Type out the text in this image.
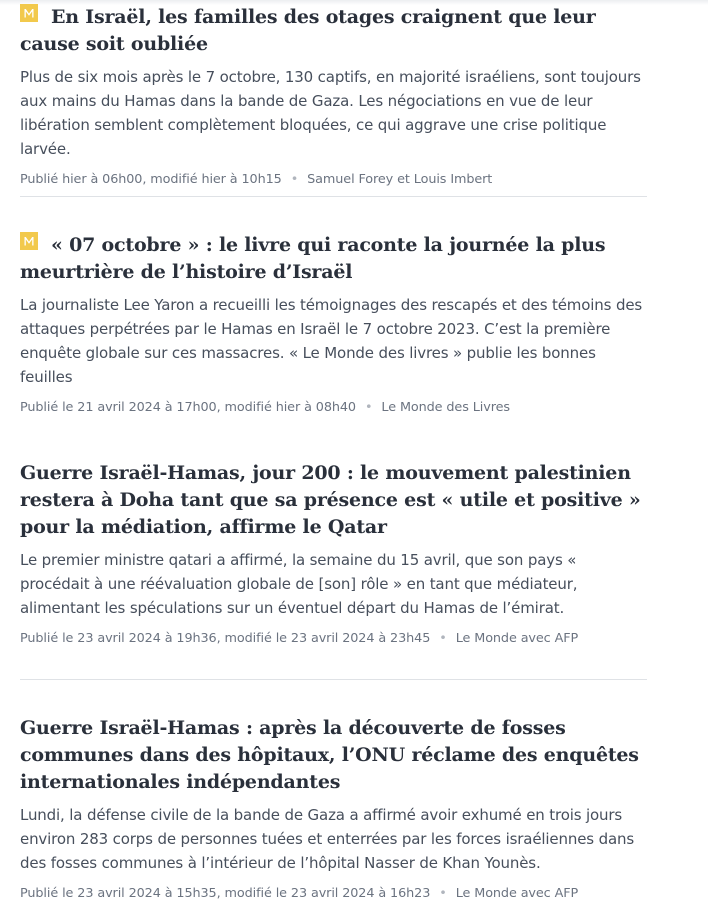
En Israël, les familles des otages craignent que leur cause soit oubliée

Plus de six mois après le 7 octobre, 130 captifs, en majorité israéliens, sont toujours aux mains du Hamas dans la bande de Gaza. Les négociations en vue de leur libération semblent complètement bloquées, ce qui aggrave une crise politique larvée.

Publié hier à 06h00, modifié hier à 10h15 • Samuel Forey et Louis Imbert
« 07 octobre » : le livre qui raconte la journée la plus meurtrière de l’histoire d’Israël

La journaliste Lee Yaron a recueilli les témoignages des rescapés et des témoins des attaques perpétrées par le Hamas en Israël le 7 octobre 2023. C’est la première enquête globale sur ces massacres. « Le Monde des livres » publie les bonnes feuilles

Publié le 21 avril 2024 à 17h00, modifié hier à 08h40 • Le Monde des Livres
Guerre Israël-Hamas, jour 200 : le mouvement palestinien restera à Doha tant que sa présence est « utile et positive » pour la médiation, affirme le Qatar

Le premier ministre qatari a affirmé, la semaine du 15 avril, que son pays « procédait à une réévaluation globale de [son] rôle » en tant que médiateur, alimentant les spéculations sur un éventuel départ du Hamas de l’émirat.

Publié le 23 avril 2024 à 19h36, modifié le 23 avril 2024 à 23h45 • Le Monde avec AFP
Guerre Israël-Hamas : après la découverte de fosses communes dans des hôpitaux, l’ONU réclame des enquêtes internationales indépendantes

Lundi, la défense civile de la bande de Gaza a affirmé avoir exhumé en trois jours environ 283 corps de personnes tuées et enterrées par les forces israéliennes dans des fosses communes à l’intérieur de l’hôpital Nasser de Khan Younès.

Publié le 23 avril 2024 à 15h35, modifié le 23 avril 2024 à 16h23 • Le Monde avec AFP
